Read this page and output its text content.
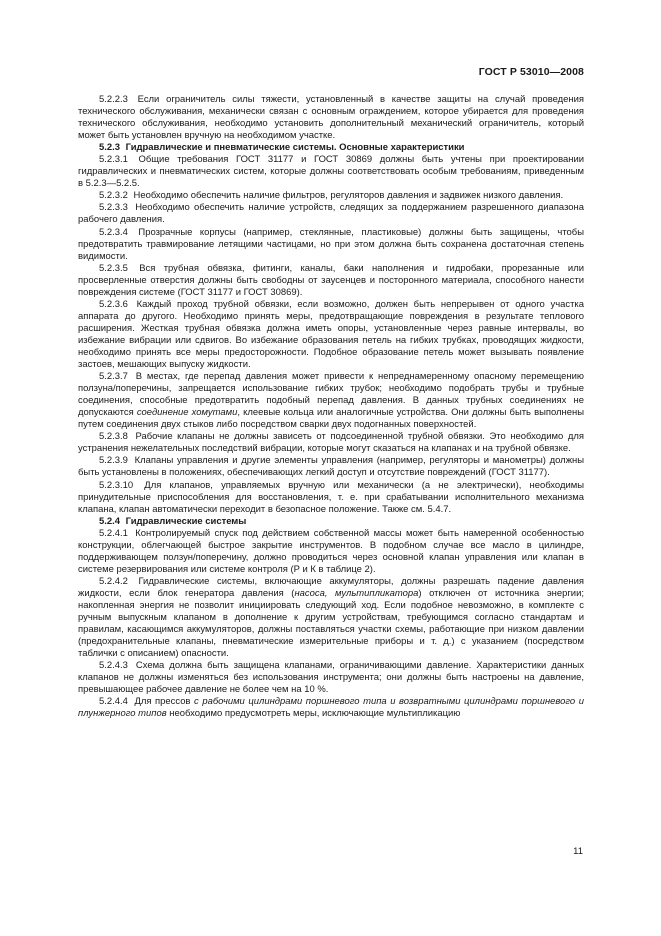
ГОСТ Р 53010—2008

5.2.2.3 Если ограничитель силы тяжести, установленный в качестве защиты на случай проведения технического обслуживания, механически связан с основным ограждением, которое убирается для проведения технического обслуживания, необходимо установить дополнительный механический ограничитель, который может быть установлен вручную на необходимом участке.

5.2.3 Гидравлические и пневматические системы. Основные характеристики

5.2.3.1 Общие требования ГОСТ 31177 и ГОСТ 30869 должны быть учтены при проектировании гидравлических и пневматических систем, которые должны соответствовать особым требованиям, приведенным в 5.2.3—5.2.5.

5.2.3.2 Необходимо обеспечить наличие фильтров, регуляторов давления и задвижек низкого давления.

5.2.3.3 Необходимо обеспечить наличие устройств, следящих за поддержанием разрешенного диапазона рабочего давления.

5.2.3.4 Прозрачные корпусы (например, стеклянные, пластиковые) должны быть защищены, чтобы предотвратить травмирование летящими частицами, но при этом должна быть сохранена достаточная степень видимости.

5.2.3.5 Вся трубная обвязка, фитинги, каналы, баки наполнения и гидробаки, прорезанные или просверленные отверстия должны быть свободны от заусенцев и посторонного материала, способного нанести повреждения системе (ГОСТ 31177 и ГОСТ 30869).

5.2.3.6 Каждый проход трубной обвязки, если возможно, должен быть непрерывен от одного участка аппарата до другого. Необходимо принять меры, предотвращающие повреждения в результате теплового расширения. Жесткая трубная обвязка должна иметь опоры, установленные через равные интервалы, во избежание вибрации или сдвигов. Во избежание образования петель на гибких трубках, проводящих жидкости, необходимо принять все меры предосторожности. Подобное образование петель может вызывать появление застоев, мешающих выпуску жидкости.

5.2.3.7 В местах, где перепад давления может привести к непреднамеренному опасному перемещению ползуна/поперечины, запрещается использование гибких трубок; необходимо подобрать трубы и трубные соединения, способные предотвратить подобный перепад давления. В данных трубных соединениях не допускаются соединение хомутами, клеевые кольца или аналогичные устройства. Они должны быть выполнены путем соединения двух стыков либо посредством сварки двух подогнанных поверхностей.

5.2.3.8 Рабочие клапаны не должны зависеть от подсоединенной трубной обвязки. Это необходимо для устранения нежелательных последствий вибрации, которые могут сказаться на клапанах и на трубной обвязке.

5.2.3.9 Клапаны управления и другие элементы управления (например, регуляторы и манометры) должны быть установлены в положениях, обеспечивающих легкий доступ и отсутствие повреждений (ГОСТ 31177).

5.2.3.10 Для клапанов, управляемых вручную или механически (а не электрически), необходимы принудительные приспособления для восстановления, т. е. при срабатывании исполнительного механизма клапана, клапан автоматически переходит в безопасное положение. Также см. 5.4.7.

5.2.4 Гидравлические системы

5.2.4.1 Контролируемый спуск под действием собственной массы может быть намеренной особенностью конструкции, облегчающей быстрое закрытие инструментов. В подобном случае все масло в цилиндре, поддерживающем ползун/поперечину, должно проводиться через основной клапан управления или клапан в системе резервирования или системе контроля (Р и К в таблице 2).

5.2.4.2 Гидравлические системы, включающие аккумуляторы, должны разрешать падение давления жидкости, если блок генератора давления (насоса, мультипликатора) отключен от источника энергии; накопленная энергия не позволит инициировать следующий ход. Если подобное невозможно, в комплекте с ручным выпускным клапаном в дополнение к другим устройствам, требующимся согласно стандартам и правилам, касающимся аккумуляторов, должны поставляться участки схемы, работающие при низком давлении (предохранительные клапаны, пневматические измерительные приборы и т. д.) с указанием (посредством таблички с описанием) опасности.

5.2.4.3 Схема должна быть защищена клапанами, ограничивающими давление. Характеристики данных клапанов не должны изменяться без использования инструмента; они должны быть настроены на давление, превышающее рабочее давление не более чем на 10 %.

5.2.4.4 Для прессов с рабочими цилиндрами поршневого типа и возвратными цилиндрами поршневого и плунжерного типов необходимо предусмотреть меры, исключающие мультипликацию

11
